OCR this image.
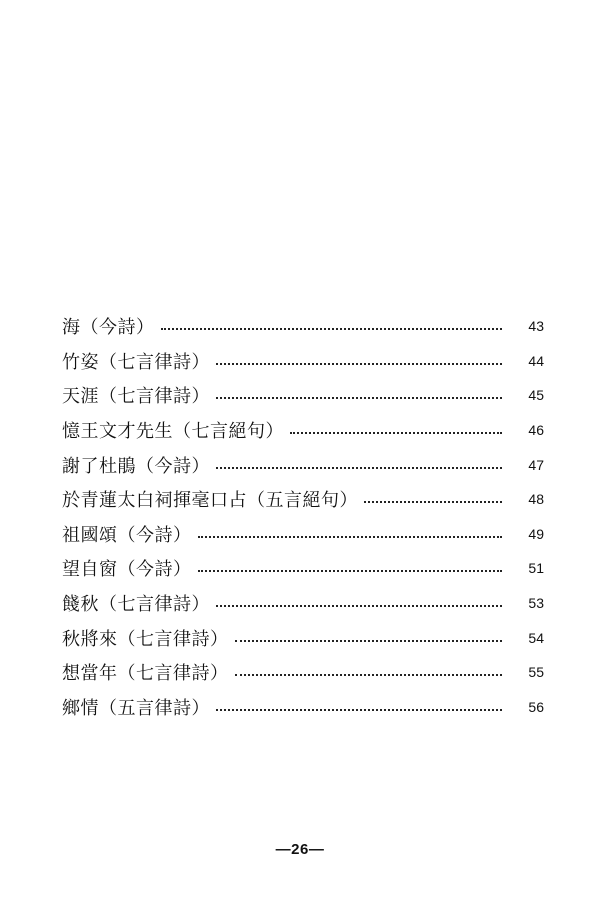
海（今詩）	43
竹姿（七言律詩）	44
天涯（七言律詩）	45
憶王文才先生（七言絕句）	46
謝了杜鵑（今詩）	47
於青蓮太白祠揮毫口占（五言絕句）	48
祖國頌（今詩）	49
望自窗（今詩）	51
餞秋（七言律詩）	53
秋將來（七言律詩）	54
想當年（七言律詩）	55
鄉情（五言律詩）	56
—26—
